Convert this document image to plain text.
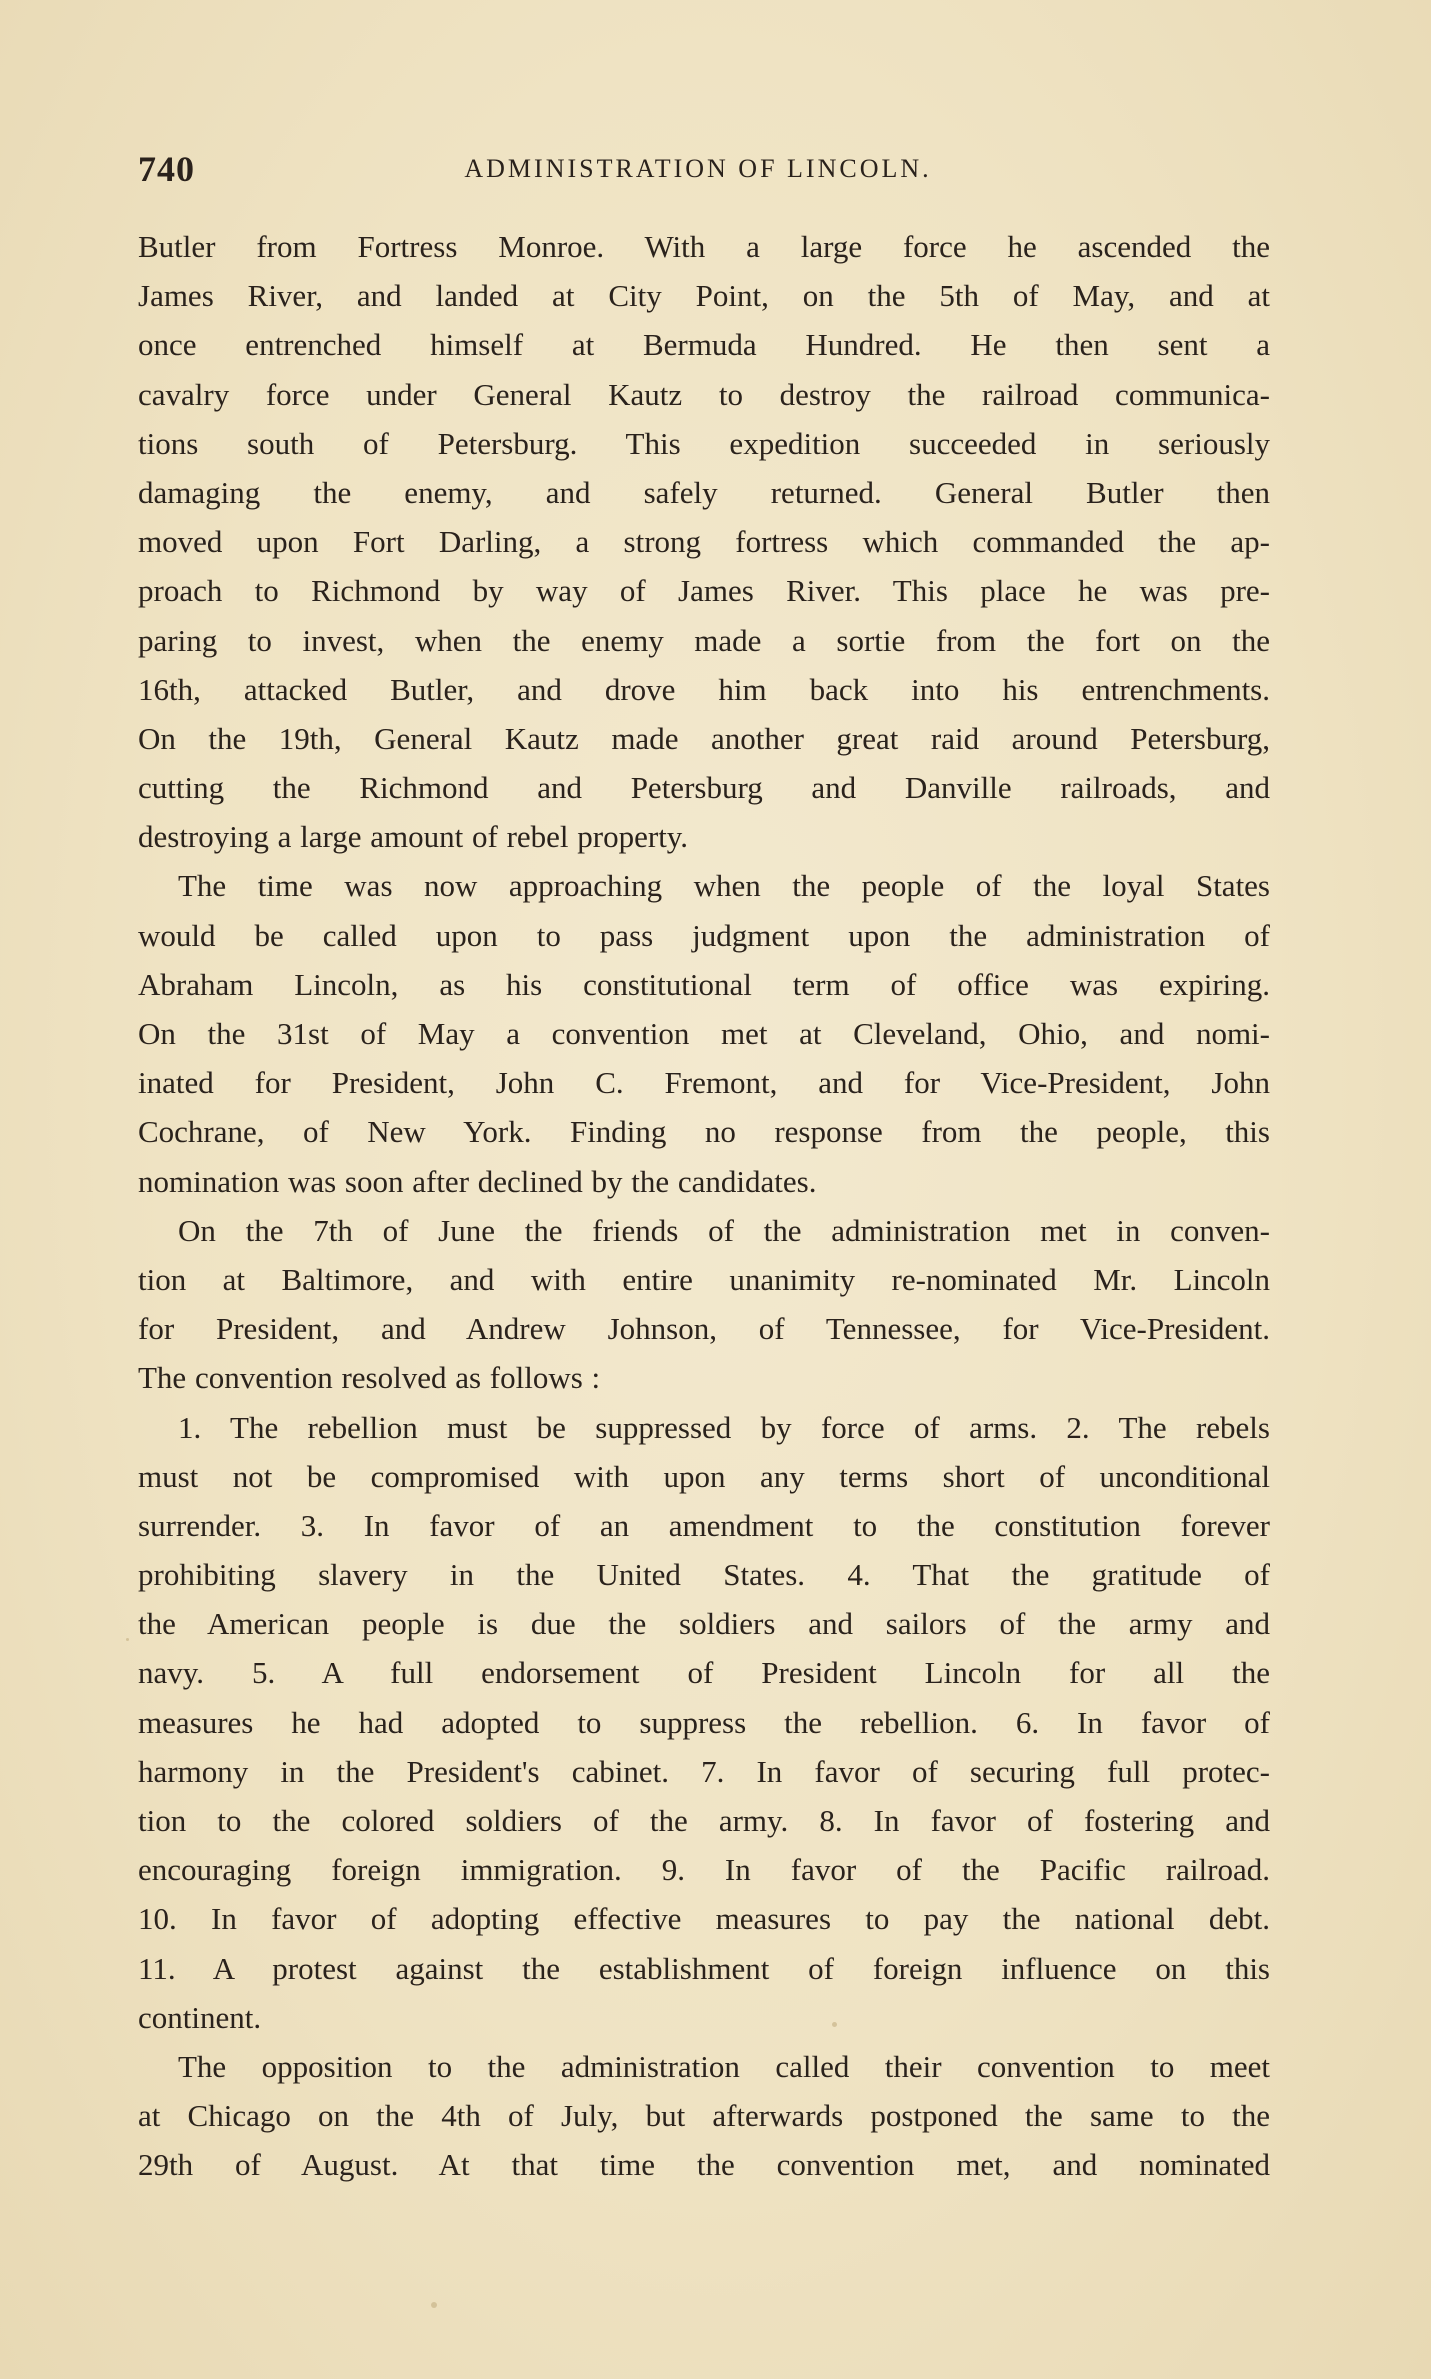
740	ADMINISTRATION OF LINCOLN.
Butler from Fortress Monroe. With a large force he ascended the
James River, and landed at City Point, on the 5th of May, and at
once entrenched himself at Bermuda Hundred. He then sent a
cavalry force under General Kautz to destroy the railroad communica-
tions south of Petersburg. This expedition succeeded in seriously
damaging the enemy, and safely returned. General Butler then
moved upon Fort Darling, a strong fortress which commanded the ap-
proach to Richmond by way of James River. This place he was pre-
paring to invest, when the enemy made a sortie from the fort on the
16th, attacked Butler, and drove him back into his entrenchments.
On the 19th, General Kautz made another great raid around Petersburg,
cutting the Richmond and Petersburg and Danville railroads, and
destroying a large amount of rebel property.
The time was now approaching when the people of the loyal States
would be called upon to pass judgment upon the administration of
Abraham Lincoln, as his constitutional term of office was expiring.
On the 31st of May a convention met at Cleveland, Ohio, and nomi-
inated for President, John C. Fremont, and for Vice-President, John
Cochrane, of New York. Finding no response from the people, this
nomination was soon after declined by the candidates.
On the 7th of June the friends of the administration met in conven-
tion at Baltimore, and with entire unanimity re-nominated Mr. Lincoln
for President, and Andrew Johnson, of Tennessee, for Vice-President.
The convention resolved as follows :
1. The rebellion must be suppressed by force of arms. 2. The rebels
must not be compromised with upon any terms short of unconditional
surrender. 3. In favor of an amendment to the constitution forever
prohibiting slavery in the United States. 4. That the gratitude of
the American people is due the soldiers and sailors of the army and
navy. 5. A full endorsement of President Lincoln for all the
measures he had adopted to suppress the rebellion. 6. In favor of
harmony in the President's cabinet. 7. In favor of securing full protec-
tion to the colored soldiers of the army. 8. In favor of fostering and
encouraging foreign immigration. 9. In favor of the Pacific railroad.
10. In favor of adopting effective measures to pay the national debt.
11. A protest against the establishment of foreign influence on this
continent.
The opposition to the administration called their convention to meet
at Chicago on the 4th of July, but afterwards postponed the same to the
29th of August. At that time the convention met, and nominated
